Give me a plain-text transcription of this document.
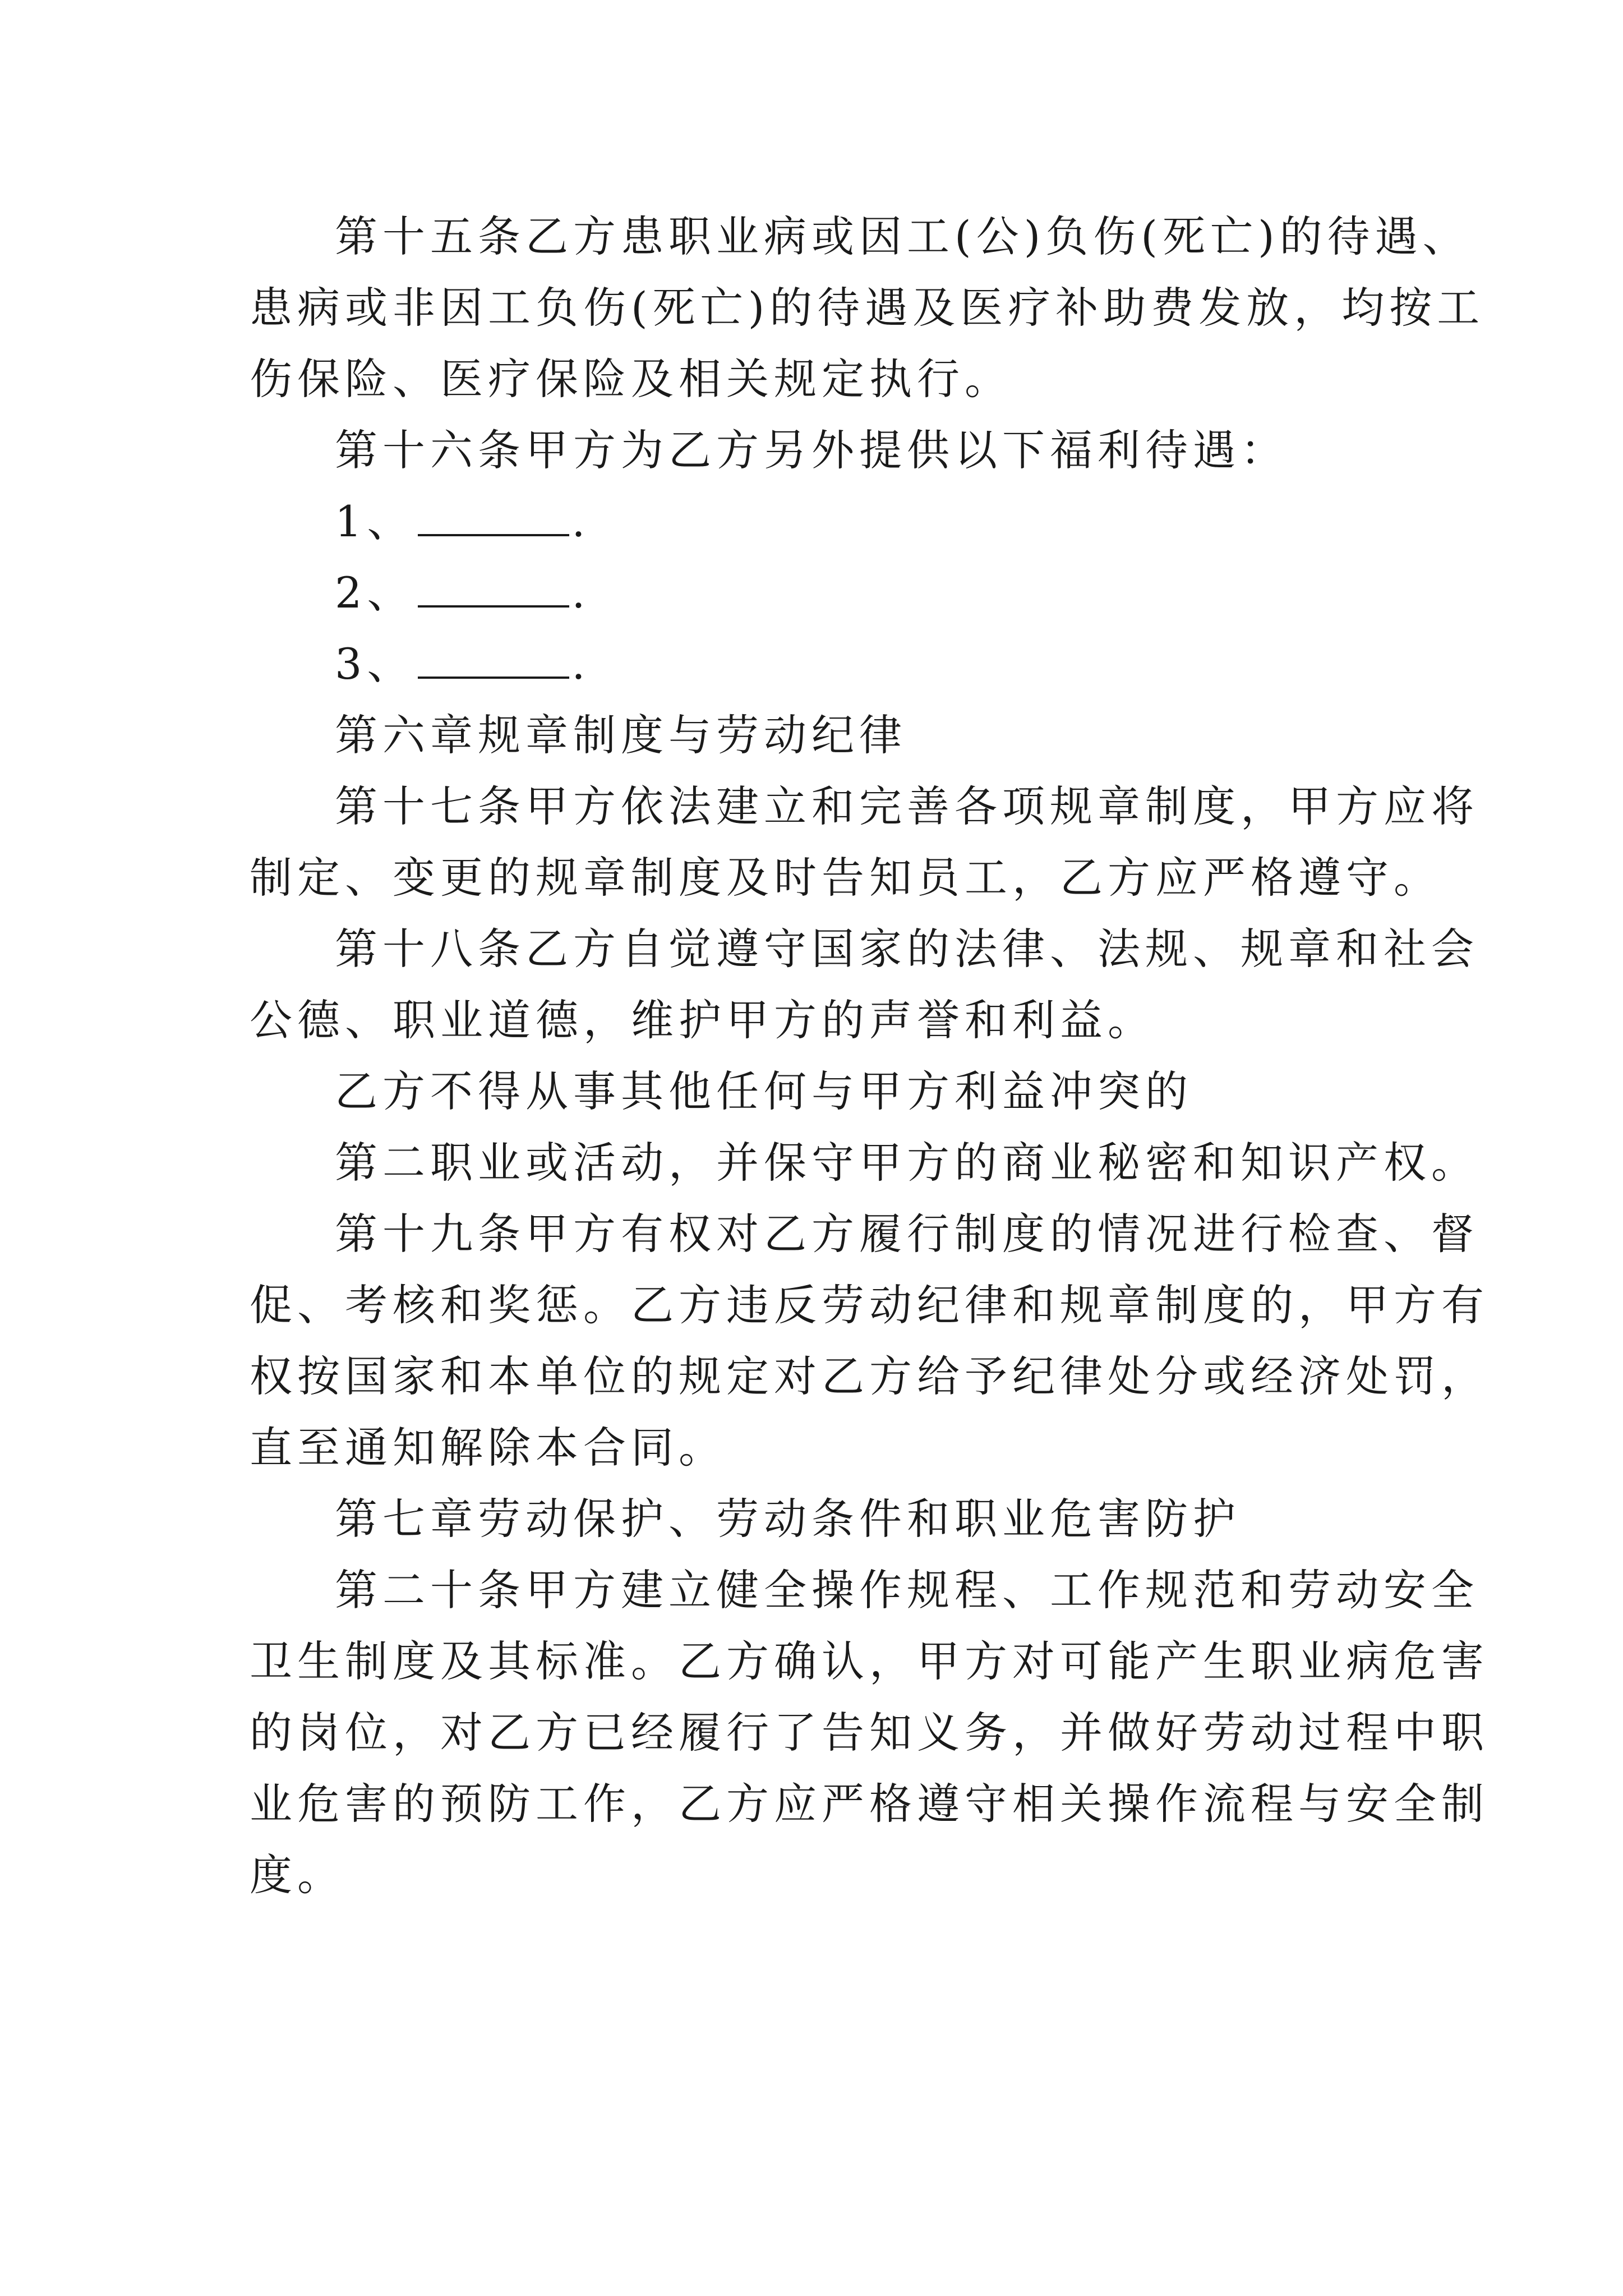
第十五条乙方患职业病或因工(公)负伤(死亡)的待遇、
患病或非因工负伤(死亡)的待遇及医疗补助费发放，均按工
伤保险、医疗保险及相关规定执行。
第十六条甲方为乙方另外提供以下福利待遇：
1、	.
2、	.
3、	.
第六章规章制度与劳动纪律
第十七条甲方依法建立和完善各项规章制度，甲方应将
制定、变更的规章制度及时告知员工，乙方应严格遵守。
第十八条乙方自觉遵守国家的法律、法规、规章和社会
公德、职业道德，维护甲方的声誉和利益。
乙方不得从事其他任何与甲方利益冲突的
第二职业或活动，并保守甲方的商业秘密和知识产权。
第十九条甲方有权对乙方履行制度的情况进行检查、督
促、考核和奖惩。乙方违反劳动纪律和规章制度的，甲方有
权按国家和本单位的规定对乙方给予纪律处分或经济处罚，
直至通知解除本合同。
第七章劳动保护、劳动条件和职业危害防护
第二十条甲方建立健全操作规程、工作规范和劳动安全
卫生制度及其标准。乙方确认，甲方对可能产生职业病危害
的岗位，对乙方已经履行了告知义务，并做好劳动过程中职
业危害的预防工作，乙方应严格遵守相关操作流程与安全制
度。
